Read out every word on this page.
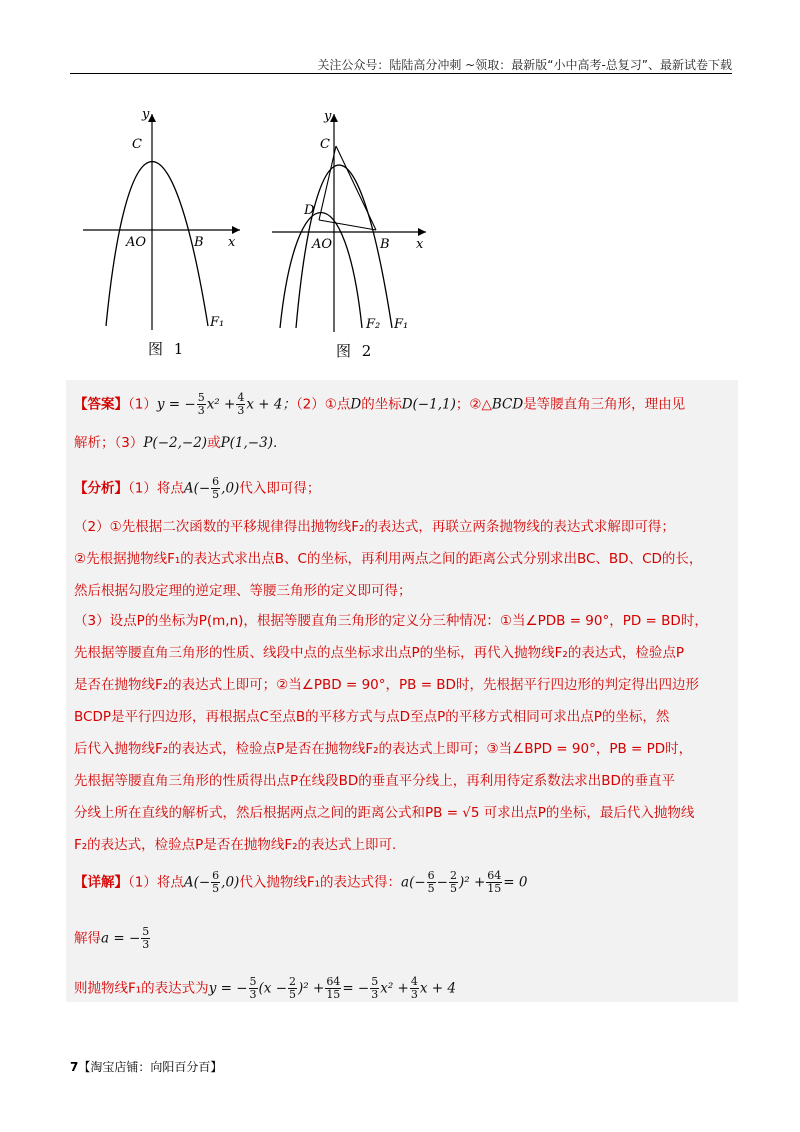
关注公众号：陆陆高分冲刺 ~领取：最新版“小中高考-总复习”、最新试卷下载
y
C
AO	B x
F₁
图 1
y
C
D
AO	B x
F₂ F₁
图 2
【答案】（1）y = − $\frac{5}{3} x^2 + \frac{4}{3}$ x + 4；（2）①点D的坐标D(−1,1)；②△BCD是等腰直角三角形，理由见
解析；（3）P(−2,−2)或P(1,−3).
【分析】（1）将点$A(- \frac{6}{5} ,0)$代入即可得；
（2）①先根据二次函数的平移规律得出抛物线F₂的表达式，再联立两条抛物线的表达式求解即可得；
②先根据抛物线F₁的表达式求出点B、C的坐标，再利用两点之间的距离公式分别求出BC、BD、CD的长，
然后根据勾股定理的逆定理、等腰三角形的定义即可得；
（3）设点P的坐标为P(m,n)，根据等腰直角三角形的定义分三种情况：①当∠PDB = 90°，PD = BD时，
先根据等腰直角三角形的性质、线段中点的点坐标求出点P的坐标，再代入抛物线F₂的表达式，检验点P
是否在抛物线F₂的表达式上即可；②当∠PBD = 90°，PB = BD时，先根据平行四边形的判定得出四边形
BCDP是平行四边形，再根据点C至点B的平移方式与点D至点P的平移方式相同可求出点P的坐标，然
后代入抛物线F₂的表达式，检验点P是否在抛物线F₂的表达式上即可；③当∠BPD = 90°，PB = PD时，
先根据等腰直角三角形的性质得出点P在线段BD的垂直平分线上，再利用待定系数法求出BD的垂直平
分线上所在直线的解析式，然后根据两点之间的距离公式和PB = √5 可求出点P的坐标，最后代入抛物线
F₂的表达式，检验点P是否在抛物线F₂的表达式上即可.
【详解】（1）将点$A(- \frac{6}{5} ,0)$代入抛物线F₁的表达式得：$a(- \frac{6}{5} - \frac{2}{5} )^2 + \frac{64}{15} = 0$
解得a = − $\frac{5}{3}$
则抛物线F₁的表达式为y = − $\frac{5}{3} (x - \frac{2}{5} )^2 + \frac{64}{15}$ = − $\frac{5}{3} x^2 + \frac{4}{3}$ x + 4
7【淘宝店铺：向阳百分百】
